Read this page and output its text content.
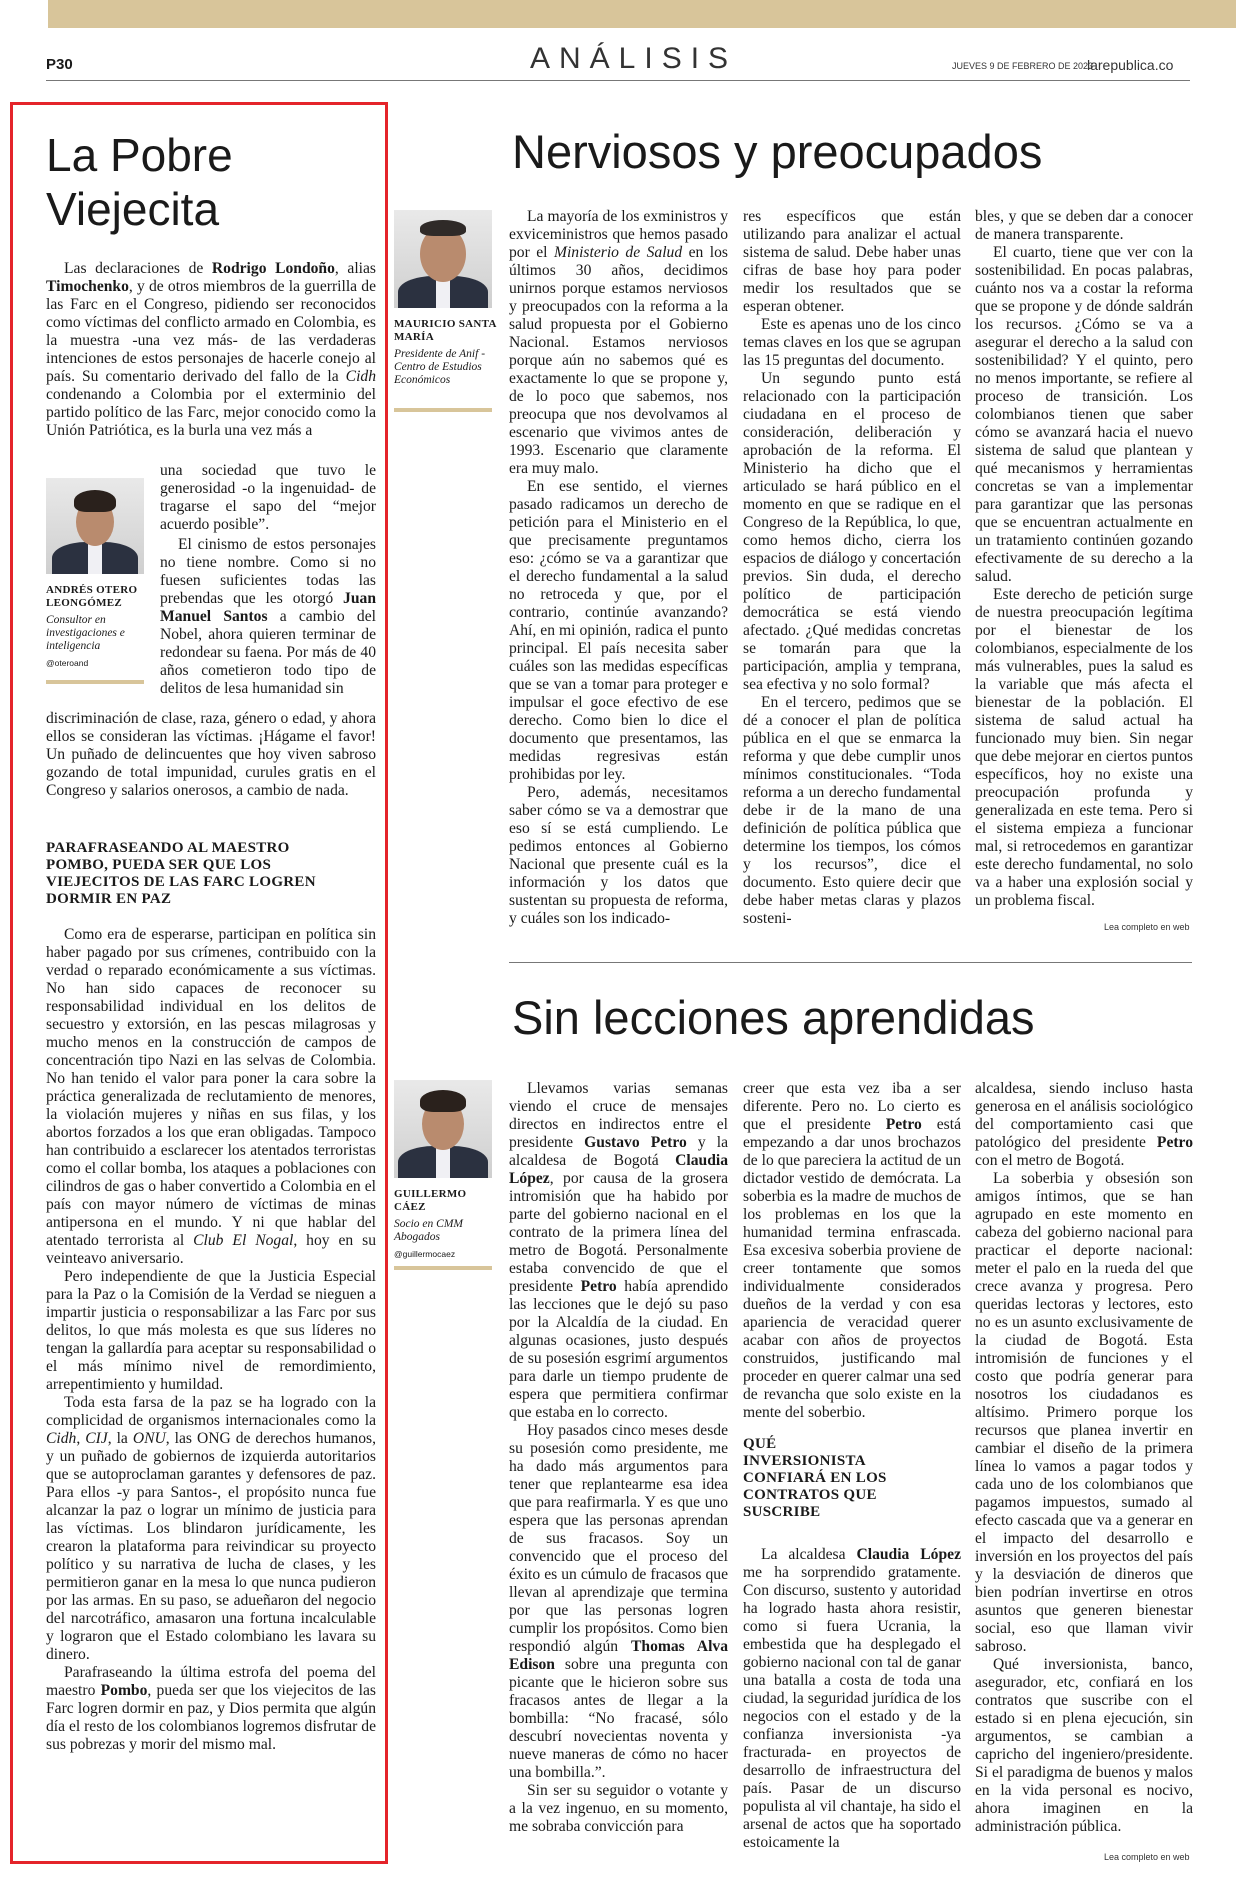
P30	ANÁLISIS	JUEVES 9 DE FEBRERO DE 2023
larepublica.co
La Pobre Viejecita

Las declaraciones de Rodrigo Londoño, alias Timochenko, y de otros miembros de la guerrilla de las Farc en el Congreso, pidiendo ser reconocidos como víctimas del conflicto armado en Colombia, es la muestra -una vez más- de las verdaderas intenciones de estos personajes de hacerle conejo al país. Su comentario derivado del fallo de la Cidh condenando a Colombia por el exterminio del partido político de las Farc, mejor conocido como la Unión Patriótica, es la burla una vez más a

ANDRÉS OTERO LEONGÓMEZ
Consultor en investigaciones e inteligencia
@oteroand

una sociedad que tuvo le generosidad -o la ingenuidad- de tragarse el sapo del “mejor acuerdo posible”.

El cinismo de estos personajes no tiene nombre. Como si no fuesen suficientes todas las prebendas que les otorgó Juan Manuel Santos a cambio del Nobel, ahora quieren terminar de redondear su faena. Por más de 40 años cometieron todo tipo de delitos de lesa humanidad sin

discriminación de clase, raza, género o edad, y ahora ellos se consideran las víctimas. ¡Hágame el favor! Un puñado de delincuentes que hoy viven sabroso gozando de total impunidad, curules gratis en el Congreso y salarios onerosos, a cambio de nada.

PARAFRASEANDO AL MAESTRO POMBO, PUEDA SER QUE LOS VIEJECITOS DE LAS FARC LOGREN DORMIR EN PAZ

Como era de esperarse, participan en política sin haber pagado por sus crímenes, contribuido con la verdad o reparado económicamente a sus víctimas. No han sido capaces de reconocer su responsabilidad individual en los delitos de secuestro y extorsión, en las pescas milagrosas y mucho menos en la construcción de campos de concentración tipo Nazi en las selvas de Colombia. No han tenido el valor para poner la cara sobre la práctica generalizada de reclutamiento de menores, la violación mujeres y niñas en sus filas, y los abortos forzados a los que eran obligadas. Tampoco han contribuido a esclarecer los atentados terroristas como el collar bomba, los ataques a poblaciones con cilindros de gas o haber convertido a Colombia en el país con mayor número de víctimas de minas antipersona en el mundo. Y ni que hablar del atentado terrorista al Club El Nogal, hoy en su veinteavo aniversario.

Pero independiente de que la Justicia Especial para la Paz o la Comisión de la Verdad se nieguen a impartir justicia o responsabilizar a las Farc por sus delitos, lo que más molesta es que sus líderes no tengan la gallardía para aceptar su responsabilidad o el más mínimo nivel de remordimiento, arrepentimiento y humildad.

Toda esta farsa de la paz se ha logrado con la complicidad de organismos internacionales como la Cidh, CIJ, la ONU, las ONG de derechos humanos, y un puñado de gobiernos de izquierda autoritarios que se autoproclaman garantes y defensores de paz. Para ellos -y para Santos-, el propósito nunca fue alcanzar la paz o lograr un mínimo de justicia para las víctimas. Los blindaron jurídicamente, les crearon la plataforma para reivindicar su proyecto político y su narrativa de lucha de clases, y les permitieron ganar en la mesa lo que nunca pudieron por las armas. En su paso, se adueñaron del negocio del narcotráfico, amasaron una fortuna incalculable y lograron que el Estado colombiano les lavara su dinero.

Parafraseando la última estrofa del poema del maestro Pombo, pueda ser que los viejecitos de las Farc logren dormir en paz, y Dios permita que algún día el resto de los colombianos logremos disfrutar de sus pobrezas y morir del mismo mal.

Nerviosos y preocupados
MAURICIO SANTA MARÍA
Presidente de Anif - Centro de Estudios Económicos

La mayoría de los exministros y exviceministros que hemos pasado por el Ministerio de Salud en los últimos 30 años, decidimos unirnos porque estamos nerviosos y preocupados con la reforma a la salud propuesta por el Gobierno Nacional. Estamos nerviosos porque aún no sabemos qué es exactamente lo que se propone y, de lo poco que sabemos, nos preocupa que nos devolvamos al escenario que vivimos antes de 1993. Escenario que claramente era muy malo.

En ese sentido, el viernes pasado radicamos un derecho de petición para el Ministerio en el que precisamente preguntamos eso: ¿cómo se va a garantizar que el derecho fundamental a la salud no retroceda y que, por el contrario, continúe avanzando? Ahí, en mi opinión, radica el punto principal. El país necesita saber cuáles son las medidas específicas que se van a tomar para proteger e impulsar el goce efectivo de ese derecho. Como bien lo dice el documento que presentamos, las medidas regresivas están prohibidas por ley.

Pero, además, necesitamos saber cómo se va a demostrar que eso sí se está cumpliendo. Le pedimos entonces al Gobierno Nacional que presente cuál es la información y los datos que sustentan su propuesta de reforma, y cuáles son los indicado-

res específicos que están utilizando para analizar el actual sistema de salud. Debe haber unas cifras de base hoy para poder medir los resultados que se esperan obtener.

Este es apenas uno de los cinco temas claves en los que se agrupan las 15 preguntas del documento.

Un segundo punto está relacionado con la participación ciudadana en el proceso de consideración, deliberación y aprobación de la reforma. El Ministerio ha dicho que el articulado se hará público en el momento en que se radique en el Congreso de la República, lo que, como hemos dicho, cierra los espacios de diálogo y concertación previos. Sin duda, el derecho político de participación democrática se está viendo afectado. ¿Qué medidas concretas se tomarán para que la participación, amplia y temprana, sea efectiva y no solo formal?

En el tercero, pedimos que se dé a conocer el plan de política pública en el que se enmarca la reforma y que debe cumplir unos mínimos constitucionales. “Toda reforma a un derecho fundamental debe ir de la mano de una definición de política pública que determine los tiempos, los cómos y los recursos”, dice el documento. Esto quiere decir que debe haber metas claras y plazos sosteni-

bles, y que se deben dar a conocer de manera transparente.

El cuarto, tiene que ver con la sostenibilidad. En pocas palabras, cuánto nos va a costar la reforma que se propone y de dónde saldrán los recursos. ¿Cómo se va a asegurar el derecho a la salud con sostenibilidad? Y el quinto, pero no menos importante, se refiere al proceso de transición. Los colombianos tienen que saber cómo se avanzará hacia el nuevo sistema de salud que plantean y qué mecanismos y herramientas concretas se van a implementar para garantizar que las personas que se encuentran actualmente en un tratamiento continúen gozando efectivamente de su derecho a la salud.

Este derecho de petición surge de nuestra preocupación legítima por el bienestar de los colombianos, especialmente de los más vulnerables, pues la salud es la variable que más afecta el bienestar de la población. El sistema de salud actual ha funcionado muy bien. Sin negar que debe mejorar en ciertos puntos específicos, hoy no existe una preocupación profunda y generalizada en este tema. Pero si el sistema empieza a funcionar mal, si retrocedemos en garantizar este derecho fundamental, no solo va a haber una explosión social y un problema fiscal.

Lea completo en web
Sin lecciones aprendidas
GUILLERMO CÁEZ
Socio en CMM Abogados
@guillermocaez

Llevamos varias semanas viendo el cruce de mensajes directos en indirectos entre el presidente Gustavo Petro y la alcaldesa de Bogotá Claudia López, por causa de la grosera intromisión que ha habido por parte del gobierno nacional en el contrato de la primera línea del metro de Bogotá. Personalmente estaba convencido de que el presidente Petro había aprendido las lecciones que le dejó su paso por la Alcaldía de la ciudad. En algunas ocasiones, justo después de su posesión esgrimí argumentos para darle un tiempo prudente de espera que permitiera confirmar que estaba en lo correcto.

Hoy pasados cinco meses desde su posesión como presidente, me ha dado más argumentos para tener que replantearme esa idea que para reafirmarla. Y es que uno espera que las personas aprendan de sus fracasos. Soy un convencido que el proceso del éxito es un cúmulo de fracasos que llevan al aprendizaje que termina por que las personas logren cumplir los propósitos. Como bien respondió algún Thomas Alva Edison sobre una pregunta con picante que le hicieron sobre sus fracasos antes de llegar a la bombilla: “No fracasé, sólo descubrí novecientas noventa y nueve maneras de cómo no hacer una bombilla.”.

Sin ser su seguidor o votante y a la vez ingenuo, en su momento, me sobraba convicción para

creer que esta vez iba a ser diferente. Pero no. Lo cierto es que el presidente Petro está empezando a dar unos brochazos de lo que pareciera la actitud de un dictador vestido de demócrata. La soberbia es la madre de muchos de los problemas en los que la humanidad termina enfrascada. Esa excesiva soberbia proviene de creer tontamente que somos individualmente considerados dueños de la verdad y con esa apariencia de veracidad querer acabar con años de proyectos construidos, justificando mal proceder en querer calmar una sed de revancha que solo existe en la mente del soberbio.

QUÉ INVERSIONISTA CONFIARÁ EN LOS CONTRATOS QUE SUSCRIBE

La alcaldesa Claudia López me ha sorprendido gratamente. Con discurso, sustento y autoridad ha logrado hasta ahora resistir, como si fuera Ucrania, la embestida que ha desplegado el gobierno nacional con tal de ganar una batalla a costa de toda una ciudad, la seguridad jurídica de los negocios con el estado y de la confianza inversionista -ya fracturada- en proyectos de desarrollo de infraestructura del país. Pasar de un discurso populista al vil chantaje, ha sido el arsenal de actos que ha soportado estoicamente la

alcaldesa, siendo incluso hasta generosa en el análisis sociológico del comportamiento casi que patológico del presidente Petro con el metro de Bogotá.

La soberbia y obsesión son amigos íntimos, que se han agrupado en este momento en cabeza del gobierno nacional para practicar el deporte nacional: meter el palo en la rueda del que crece avanza y progresa. Pero queridas lectoras y lectores, esto no es un asunto exclusivamente de la ciudad de Bogotá. Esta intromisión de funciones y el costo que podría generar para nosotros los ciudadanos es altísimo. Primero porque los recursos que planea invertir en cambiar el diseño de la primera línea lo vamos a pagar todos y cada uno de los colombianos que pagamos impuestos, sumado al efecto cascada que va a generar en el impacto del desarrollo e inversión en los proyectos del país y la desviación de dineros que bien podrían invertirse en otros asuntos que generen bienestar social, eso que llaman vivir sabroso.

Qué inversionista, banco, asegurador, etc, confiará en los contratos que suscribe con el estado si en plena ejecución, sin argumentos, se cambian a capricho del ingeniero/presidente. Si el paradigma de buenos y malos en la vida personal es nocivo, ahora imaginen en la administración pública.

Lea completo en web
